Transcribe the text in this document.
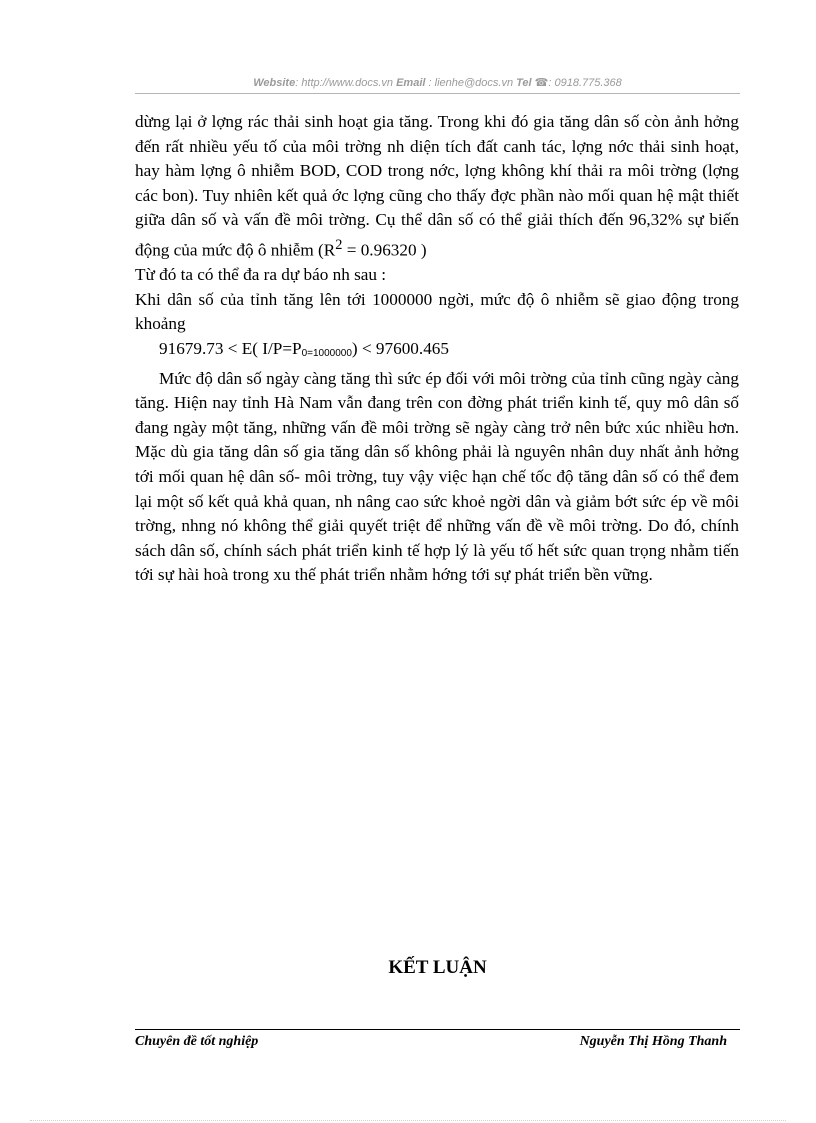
Website: http://www.docs.vn Email : lienhe@docs.vn Tel ☎: 0918.775.368

dừng lại ở lợng rác thải sinh hoạt gia tăng. Trong khi đó gia tăng dân số còn ảnh hởng đến rất nhiều yếu tố của môi trờng nh diện tích đất canh tác, lợng nớc thải sinh hoạt, hay hàm lợng ô nhiễm BOD, COD trong nớc, lợng không khí thải ra môi trờng (lợng các bon). Tuy nhiên kết quả ớc lợng cũng cho thấy đợc phần nào mối quan hệ mật thiết giữa dân số và vấn đề môi trờng. Cụ thể dân số có thể giải thích đến 96,32% sự biến động của mức độ ô nhiễm ($R^2 = 0.96320$ )

Từ đó ta có thể đa ra dự báo nh sau :

Khi dân số của tỉnh tăng lên tới 1000000 ngời, mức độ ô nhiễm sẽ giao động trong khoảng

91679.73 < E( $I/P=P_{0=1000000}) < 97600.465$

Mức độ dân số ngày càng tăng thì sức ép đối với môi trờng của tỉnh cũng ngày càng tăng. Hiện nay tỉnh Hà Nam vẫn đang trên con đờng phát triển kinh tế, quy mô dân số đang ngày một tăng, những vấn đề môi trờng sẽ ngày càng trở nên bức xúc nhiều hơn. Mặc dù gia tăng dân số gia tăng dân số không phải là nguyên nhân duy nhất ảnh hởng tới mối quan hệ dân số- môi trờng, tuy vậy việc hạn chế tốc độ tăng dân số có thể đem lại một số kết quả khả quan, nh nâng cao sức khoẻ ngời dân và giảm bớt sức ép về môi trờng, nhng nó không thể giải quyết triệt để những vấn đề về môi trờng. Do đó, chính sách dân số, chính sách phát triển kinh tế hợp lý là yếu tố hết sức quan trọng nhằm tiến tới sự hài hoà trong xu thế phát triển nhằm hớng tới sự phát triển bền vững.

KẾT LUẬN
Chuyên đề tốt nghiệp	Nguyễn Thị Hồng Thanh
